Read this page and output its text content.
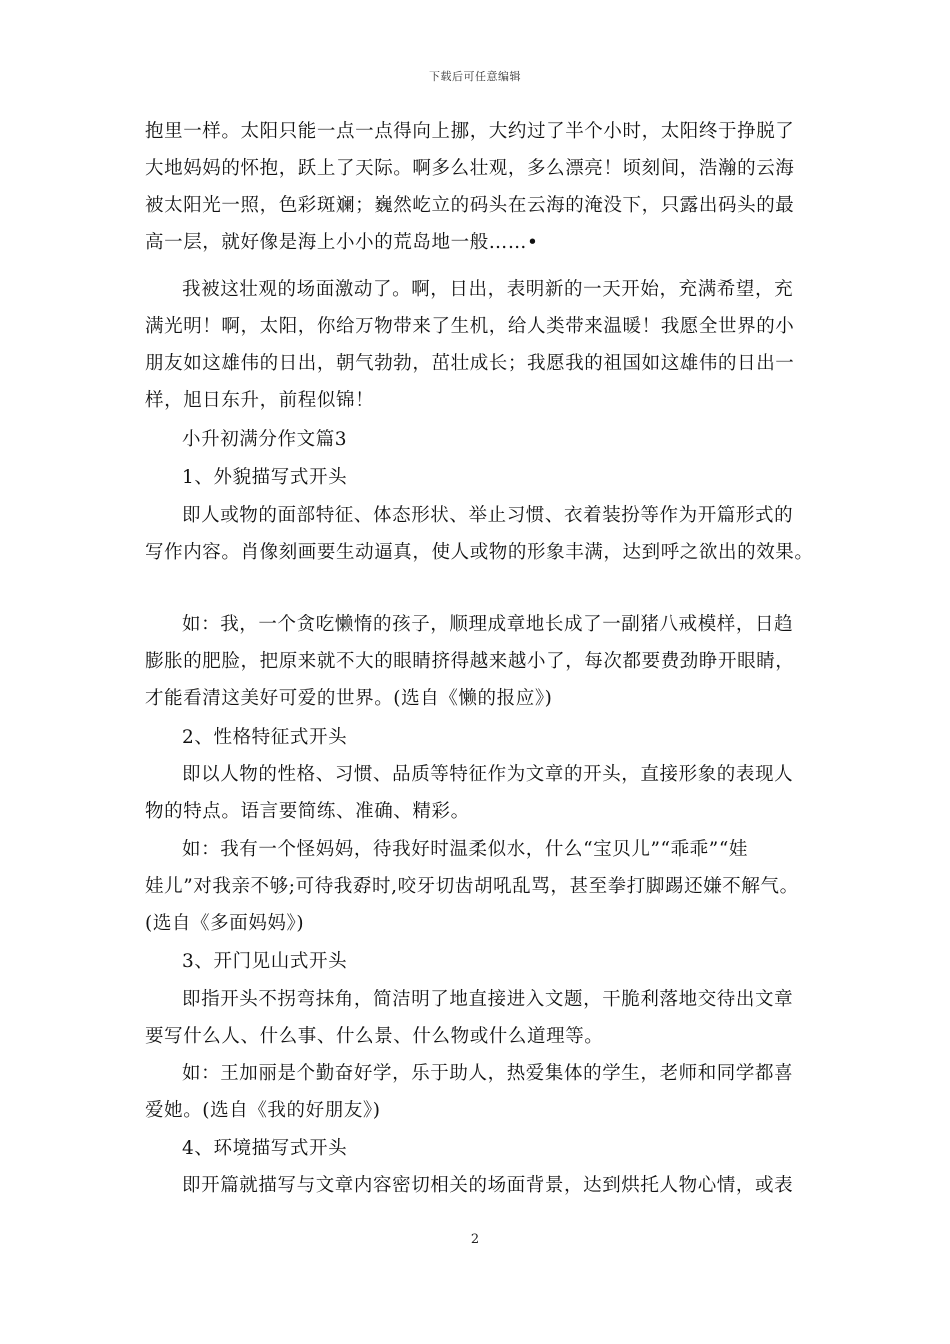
下载后可任意编辑
抱里一样。太阳只能一点一点得向上挪，大约过了半个小时，太阳终于挣脱了
大地妈妈的怀抱，跃上了天际。啊多么壮观，多么漂亮！顷刻间，浩瀚的云海
被太阳光一照，色彩斑斓；巍然屹立的码头在云海的淹没下，只露出码头的最
高一层，就好像是海上小小的荒岛地一般……•
我被这壮观的场面激动了。啊，日出，表明新的一天开始，充满希望，充
满光明！啊，太阳，你给万物带来了生机，给人类带来温暖！我愿全世界的小
朋友如这雄伟的日出，朝气勃勃，茁壮成长；我愿我的祖国如这雄伟的日出一
样，旭日东升，前程似锦！
小升初满分作文篇3
1、外貌描写式开头
即人或物的面部特征、体态形状、举止习惯、衣着装扮等作为开篇形式的
写作内容。肖像刻画要生动逼真，使人或物的形象丰满，达到呼之欲出的效果。
如：我，一个贪吃懒惰的孩子，顺理成章地长成了一副猪八戒模样，日趋
膨胀的肥脸，把原来就不大的眼睛挤得越来越小了，每次都要费劲睁开眼睛，
才能看清这美好可爱的世界。(选自《懒的报应》)
2、性格特征式开头
即以人物的性格、习惯、品质等特征作为文章的开头，直接形象的表现人
物的特点。语言要简练、准确、精彩。
如：我有一个怪妈妈，待我好时温柔似水，什么“宝贝儿”“乖乖”“娃
娃儿”对我亲不够;可待我孬时,咬牙切齿胡吼乱骂，甚至拳打脚踢还嫌不解气。
(选自《多面妈妈》)
3、开门见山式开头
即指开头不拐弯抹角，简洁明了地直接进入文题，干脆利落地交待出文章
要写什么人、什么事、什么景、什么物或什么道理等。
如：王加丽是个勤奋好学，乐于助人，热爱集体的学生，老师和同学都喜
爱她。(选自《我的好朋友》)
4、环境描写式开头
即开篇就描写与文章内容密切相关的场面背景，达到烘托人物心情，或表
2
